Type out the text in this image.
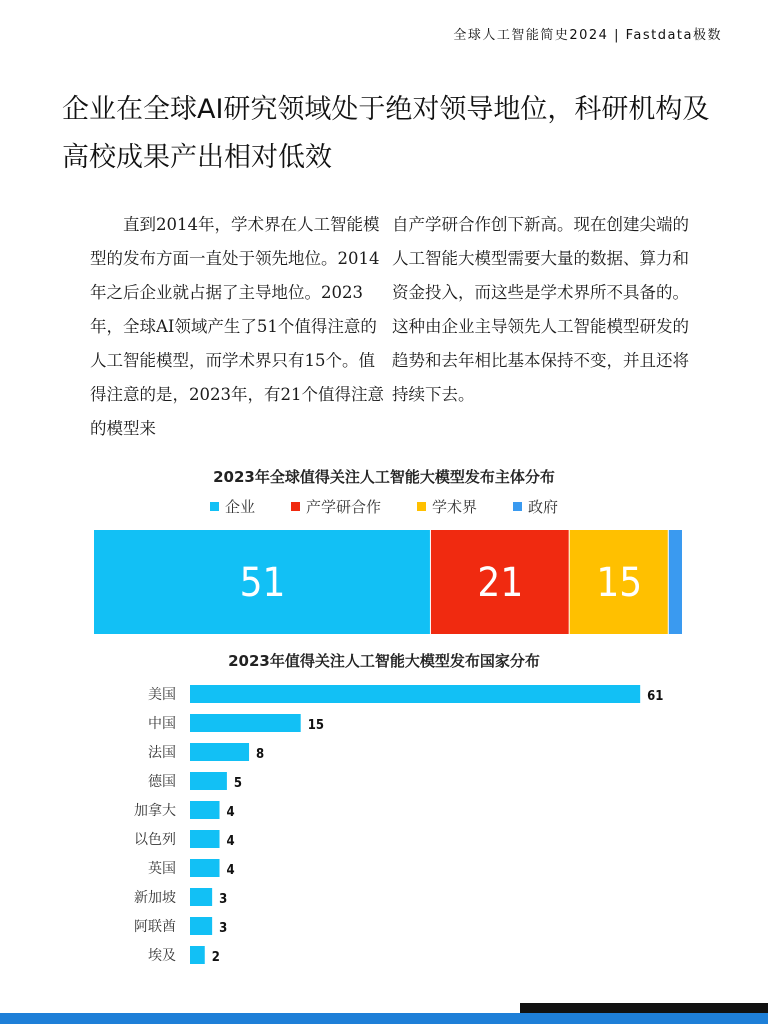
全球人工智能简史2024 | Fastdata极数
企业在全球AI研究领域处于绝对领导地位，科研机构及高校成果产出相对低效

直到2014年，学术界在人工智能模型的发布方面一直处于领先地位。2014年之后企业就占据了主导地位。2023年，全球AI领域产生了51个值得注意的人工智能模型，而学术界只有15个。值得注意的是，2023年，有21个值得注意的模型来

自产学研合作创下新高。现在创建尖端的人工智能大模型需要大量的数据、算力和资金投入，而这些是学术界所不具备的。这种由企业主导领先人工智能模型研发的趋势和去年相比基本保持不变，并且还将持续下去。

2023年全球值得关注人工智能大模型发布主体分布
企业	产学研合作	学术界	政府
51	21 15
2023年值得关注人工智能大模型发布国家分布
美国	61
中国	15
法国	8
德国	5
加拿大	4
以色列	4
英国	4
新加坡	3
阿联酋	3
埃及	2
